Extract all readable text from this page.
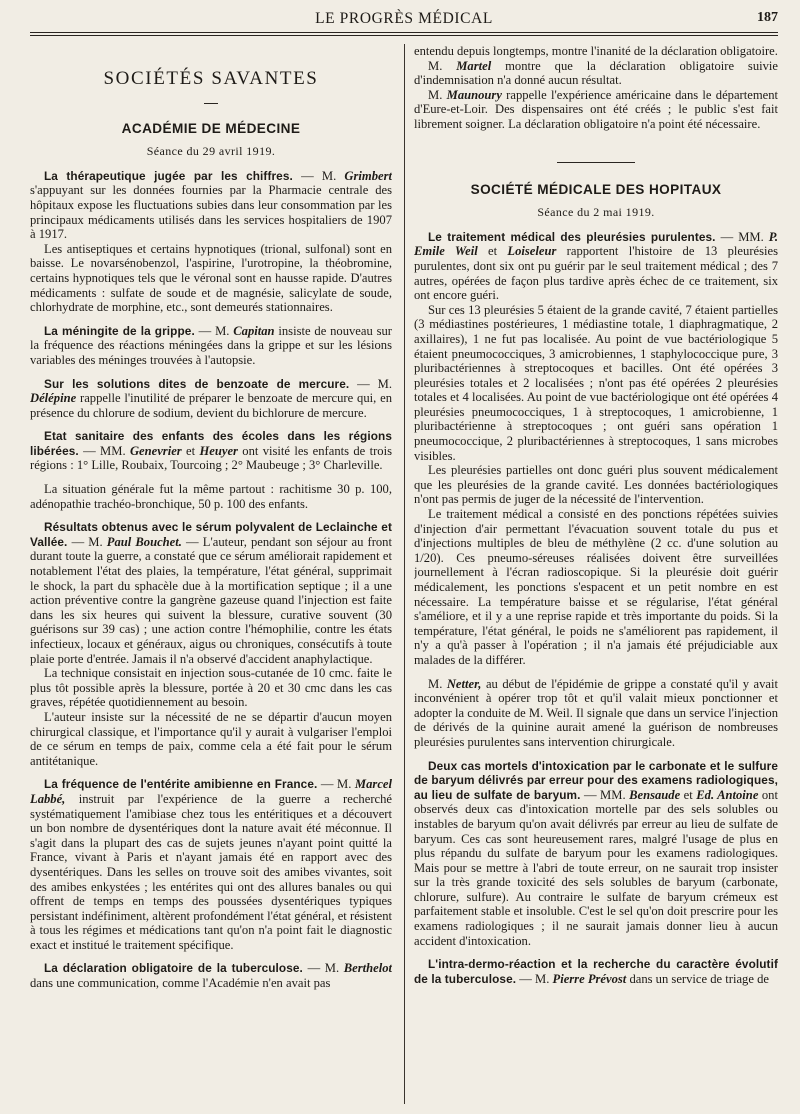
LE PROGRÈS MÉDICAL	187
SOCIÉTÉS SAVANTES
ACADÉMIE DE MÉDECINE
Séance du 29 avril 1919.

La thérapeutique jugée par les chiffres. — M. Grimbert s'appuyant sur les données fournies par la Pharmacie centrale des hôpitaux expose les fluctuations subies dans leur consommation par les principaux médicaments utilisés dans les services hospitaliers de 1907 à 1917.

Les antiseptiques et certains hypnotiques (trional, sulfonal) sont en baisse. Le novarsénobenzol, l'aspirine, l'urotropine, la théobromine, certains hypnotiques tels que le véronal sont en hausse rapide. D'autres médicaments : sulfate de soude et de magnésie, salicylate de soude, chlorhydrate de morphine, etc., sont demeurés stationnaires.

La méningite de la grippe. — M. Capitan insiste de nouveau sur la fréquence des réactions méningées dans la grippe et sur les lésions variables des méninges trouvées à l'autopsie.

Sur les solutions dites de benzoate de mercure. — M. Délépine rappelle l'inutilité de préparer le benzoate de mercure qui, en présence du chlorure de sodium, devient du bichlorure de mercure.

Etat sanitaire des enfants des écoles dans les régions libérées. — MM. Genevrier et Heuyer ont visité les enfants de trois régions : 1° Lille, Roubaix, Tourcoing ; 2° Maubeuge ; 3° Charleville.

La situation générale fut la même partout : rachitisme 30 p. 100, adénopathie trachéo-bronchique, 50 p. 100 des enfants.

Résultats obtenus avec le sérum polyvalent de Leclainche et Vallée. — M. Paul Bouchet. — L'auteur, pendant son séjour au front durant toute la guerre, a constaté que ce sérum améliorait rapidement et notablement l'état des plaies, la température, l'état général, supprimait le shock, la part du sphacèle due à la mortification septique ; il a une action préventive contre la gangrène gazeuse quand l'injection est faite dans les six heures qui suivent la blessure, curative souvent (30 guérisons sur 39 cas) ; une action contre l'hémophilie, contre les états infectieux, locaux et généraux, aigus ou chroniques, consécutifs à toute plaie porte d'entrée. Jamais il n'a observé d'accident anaphylactique.

La technique consistait en injection sous-cutanée de 10 cmc. faite le plus tôt possible après la blessure, portée à 20 et 30 cmc dans les cas graves, répétée quotidiennement au besoin.

L'auteur insiste sur la nécessité de ne se départir d'aucun moyen chirurgical classique, et l'importance qu'il y aurait à vulgariser l'emploi de ce sérum en temps de paix, comme cela a été fait pour le sérum antitétanique.

La fréquence de l'entérite amibienne en France. — M. Marcel Labbé, instruit par l'expérience de la guerre a recherché systématiquement l'amibiase chez tous les entéritiques et a découvert un bon nombre de dysentériques dont la nature avait été méconnue. Il s'agit dans la plupart des cas de sujets jeunes n'ayant point quitté la France, vivant à Paris et n'ayant jamais été en rapport avec des dysentériques. Dans les selles on trouve soit des amibes vivantes, soit des amibes enkystées ; les entérites qui ont des allures banales ou qui offrent de temps en temps des poussées dysentériques typiques persistant indéfiniment, altèrent profondément l'état général, et résistent à tous les régimes et médications tant qu'on n'a point fait le diagnostic exact et institué le traitement spécifique.

La déclaration obligatoire de la tuberculose. — M. Berthelot dans une communication, comme l'Académie n'en avait pas

entendu depuis longtemps, montre l'inanité de la déclaration obligatoire.

M. Martel montre que la déclaration obligatoire suivie d'indemnisation n'a donné aucun résultat.

M. Maunoury rappelle l'expérience américaine dans le département d'Eure-et-Loir. Des dispensaires ont été créés ; le public s'est fait librement soigner. La déclaration obligatoire n'a point été nécessaire.

SOCIÉTÉ MÉDICALE DES HOPITAUX
Séance du 2 mai 1919.

Le traitement médical des pleurésies purulentes. — MM. P. Emile Weil et Loiseleur rapportent l'histoire de 13 pleurésies purulentes, dont six ont pu guérir par le seul traitement médical ; des 7 autres, opérées de façon plus tardive après échec de ce traitement, six ont encore guéri.

Sur ces 13 pleurésies 5 étaient de la grande cavité, 7 étaient partielles (3 médiastines postérieures, 1 médiastine totale, 1 diaphragmatique, 2 axillaires), 1 ne fut pas localisée. Au point de vue bactériologique 5 étaient pneumococciques, 3 amicrobiennes, 1 staphylococcique pure, 3 pluribactériennes à streptocoques et bacilles. Ont été opérées 3 pleurésies totales et 2 localisées ; n'ont pas été opérées 2 pleurésies totales et 4 localisées. Au point de vue bactériologique ont été opérées 4 pleurésies pneumococciques, 1 à streptocoques, 1 amicrobienne, 1 pluribactérienne à streptocoques ; ont guéri sans opération 1 pneumococcique, 2 pluribactériennes à streptocoques, 1 sans microbes visibles.

Les pleurésies partielles ont donc guéri plus souvent médicalement que les pleurésies de la grande cavité. Les données bactériologiques n'ont pas permis de juger de la nécessité de l'intervention.

Le traitement médical a consisté en des ponctions répétées suivies d'injection d'air permettant l'évacuation souvent totale du pus et d'injections multiples de bleu de méthylène (2 cc. d'une solution au 1/20). Ces pneumo-séreuses réalisées doivent être surveillées journellement à l'écran radioscopique. Si la pleurésie doit guérir médicalement, les ponctions s'espacent et un petit nombre en est nécessaire. La température baisse et se régularise, l'état général s'améliore, et il y a une reprise rapide et très importante du poids. Si la température, l'état général, le poids ne s'améliorent pas rapidement, il n'y a qu'à passer à l'opération ; il n'a jamais été préjudiciable aux malades de la différer.

M. Netter, au début de l'épidémie de grippe a constaté qu'il y avait inconvénient à opérer trop tôt et qu'il valait mieux ponctionner et adopter la conduite de M. Weil. Il signale que dans un service l'injection de dérivés de la quinine aurait amené la guérison de nombreuses pleurésies purulentes sans intervention chirurgicale.

Deux cas mortels d'intoxication par le carbonate et le sulfure de baryum délivrés par erreur pour des examens radiologiques, au lieu de sulfate de baryum. — MM. Bensaude et Ed. Antoine ont observés deux cas d'intoxication mortelle par des sels solubles ou instables de baryum qu'on avait délivrés par erreur au lieu de sulfate de baryum. Ces cas sont heureusement rares, malgré l'usage de plus en plus répandu du sulfate de baryum pour les examens radiologiques. Mais pour se mettre à l'abri de toute erreur, on ne saurait trop insister sur la très grande toxicité des sels solubles de baryum (carbonate, chlorure, sulfure). Au contraire le sulfate de baryum crémeux est parfaitement stable et insoluble. C'est le sel qu'on doit prescrire pour les examens radiologiques ; il ne saurait jamais donner lieu à aucun accident d'intoxication.

L'intra-dermo-réaction et la recherche du caractère évolutif de la tuberculose. — M. Pierre Prévost dans un service de triage de
